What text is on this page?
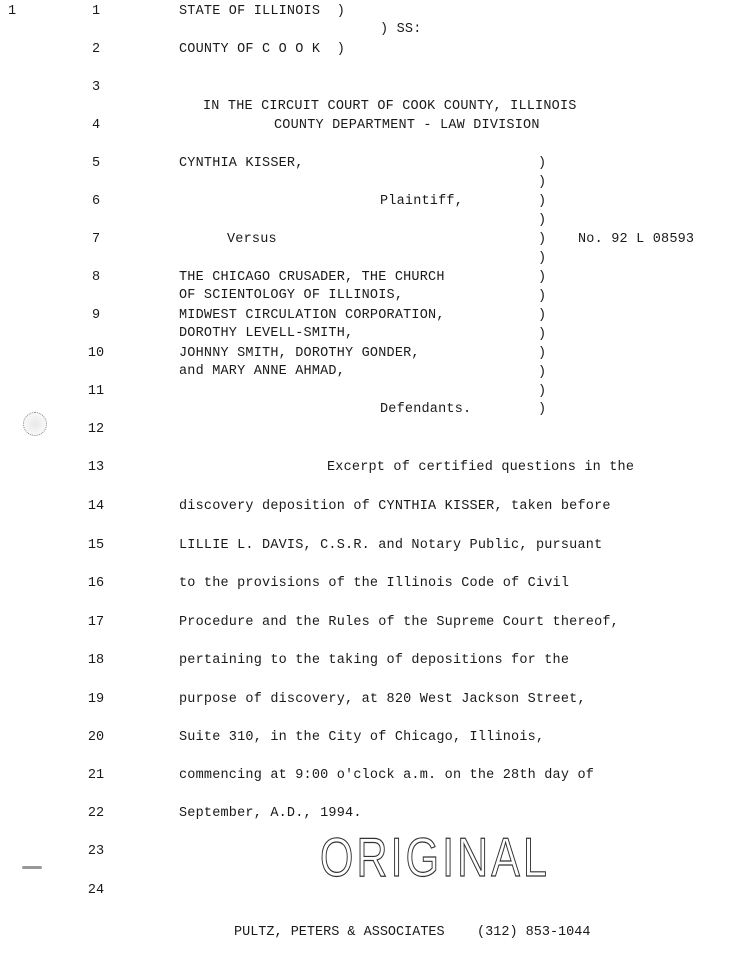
1	1
2
3
4
5
6
7
8
9
10
11
12
13
14
15
16
17
18
19
20
21
22
23
24
STATE OF ILLINOIS  )
) SS:
COUNTY OF C O O K  )
IN THE CIRCUIT COURT OF COOK COUNTY, ILLINOIS
COUNTY DEPARTMENT - LAW DIVISION
CYNTHIA KISSER,
Plaintiff,
Versus	No. 92 L 08593
THE CHICAGO CRUSADER, THE CHURCH
OF SCIENTOLOGY OF ILLINOIS,
MIDWEST CIRCULATION CORPORATION,
DOROTHY LEVELL-SMITH,
JOHNNY SMITH, DOROTHY GONDER,
and MARY ANNE AHMAD,
Defendants.
)
)
)
)
)
)
)
)
)
)
)
)
)
)
Excerpt of certified questions in the
discovery deposition of CYNTHIA KISSER, taken before
LILLIE L. DAVIS, C.S.R. and Notary Public, pursuant
to the provisions of the Illinois Code of Civil
Procedure and the Rules of the Supreme Court thereof,
pertaining to the taking of depositions for the
purpose of discovery, at 820 West Jackson Street,
Suite 310, in the City of Chicago, Illinois,
commencing at 9:00 o'clock a.m. on the 28th day of
September, A.D., 1994.
ORIGINAL
PULTZ, PETERS & ASSOCIATES (312) 853-1044
